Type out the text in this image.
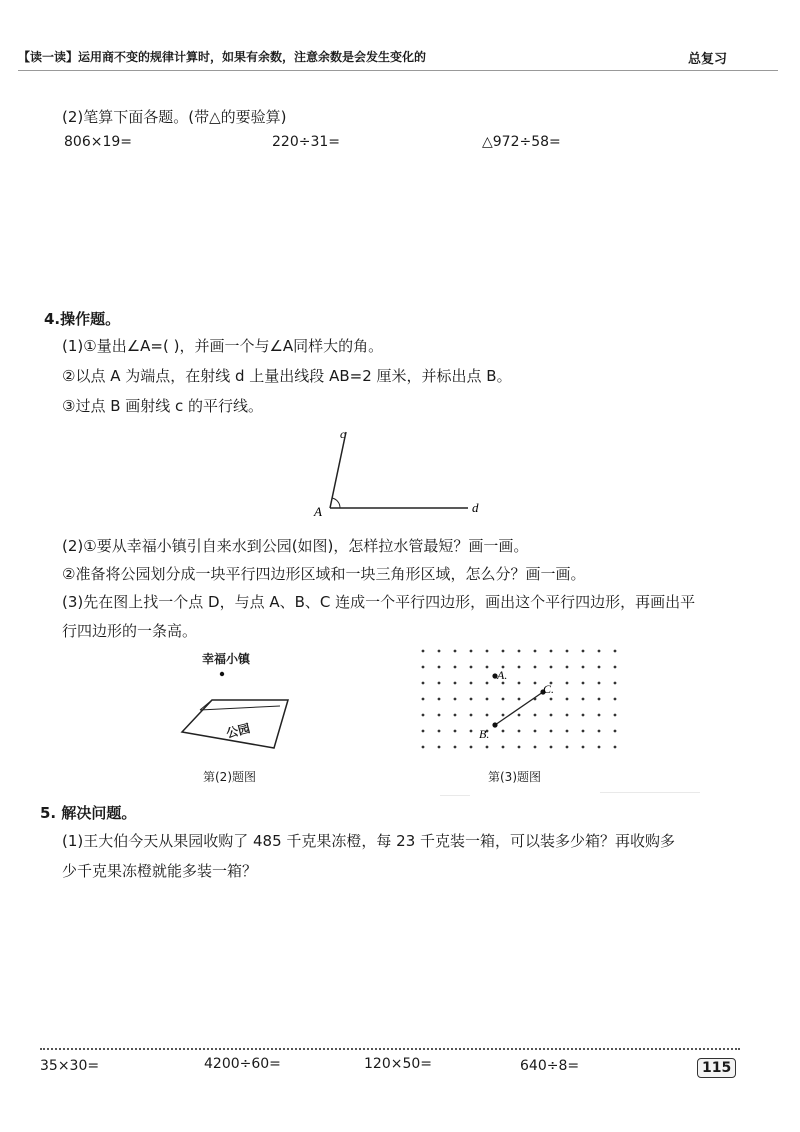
【读一读】运用商不变的规律计算时，如果有余数，注意余数是会发生变化的	总复习
(2)笔算下面各题。(带△的要验算)
806×19=	220÷31=	△972÷58=
4.操作题。
(1)①量出∠A=( )，并画一个与∠A同样大的角。
②以点 A 为端点，在射线 d 上量出线段 AB=2 厘米，并标出点 B。
③过点 B 画射线 c 的平行线。
c
A	d
(2)①要从幸福小镇引自来水到公园(如图)，怎样拉水管最短？画一画。
②准备将公园划分成一块平行四边形区域和一块三角形区域，怎么分？画一画。
(3)先在图上找一个点 D，与点 A、B、C 连成一个平行四边形，画出这个平行四边形，再画出平
行四边形的一条高。
幸福小镇
公园
第(2)题图
A.
B.
C.
第(3)题图
5. 解决问题。
(1)王大伯今天从果园收购了 485 千克果冻橙，每 23 千克装一箱，可以装多少箱？再收购多
少千克果冻橙就能多装一箱？
35×30=	4200÷60=	120×50=	640÷8=	115
